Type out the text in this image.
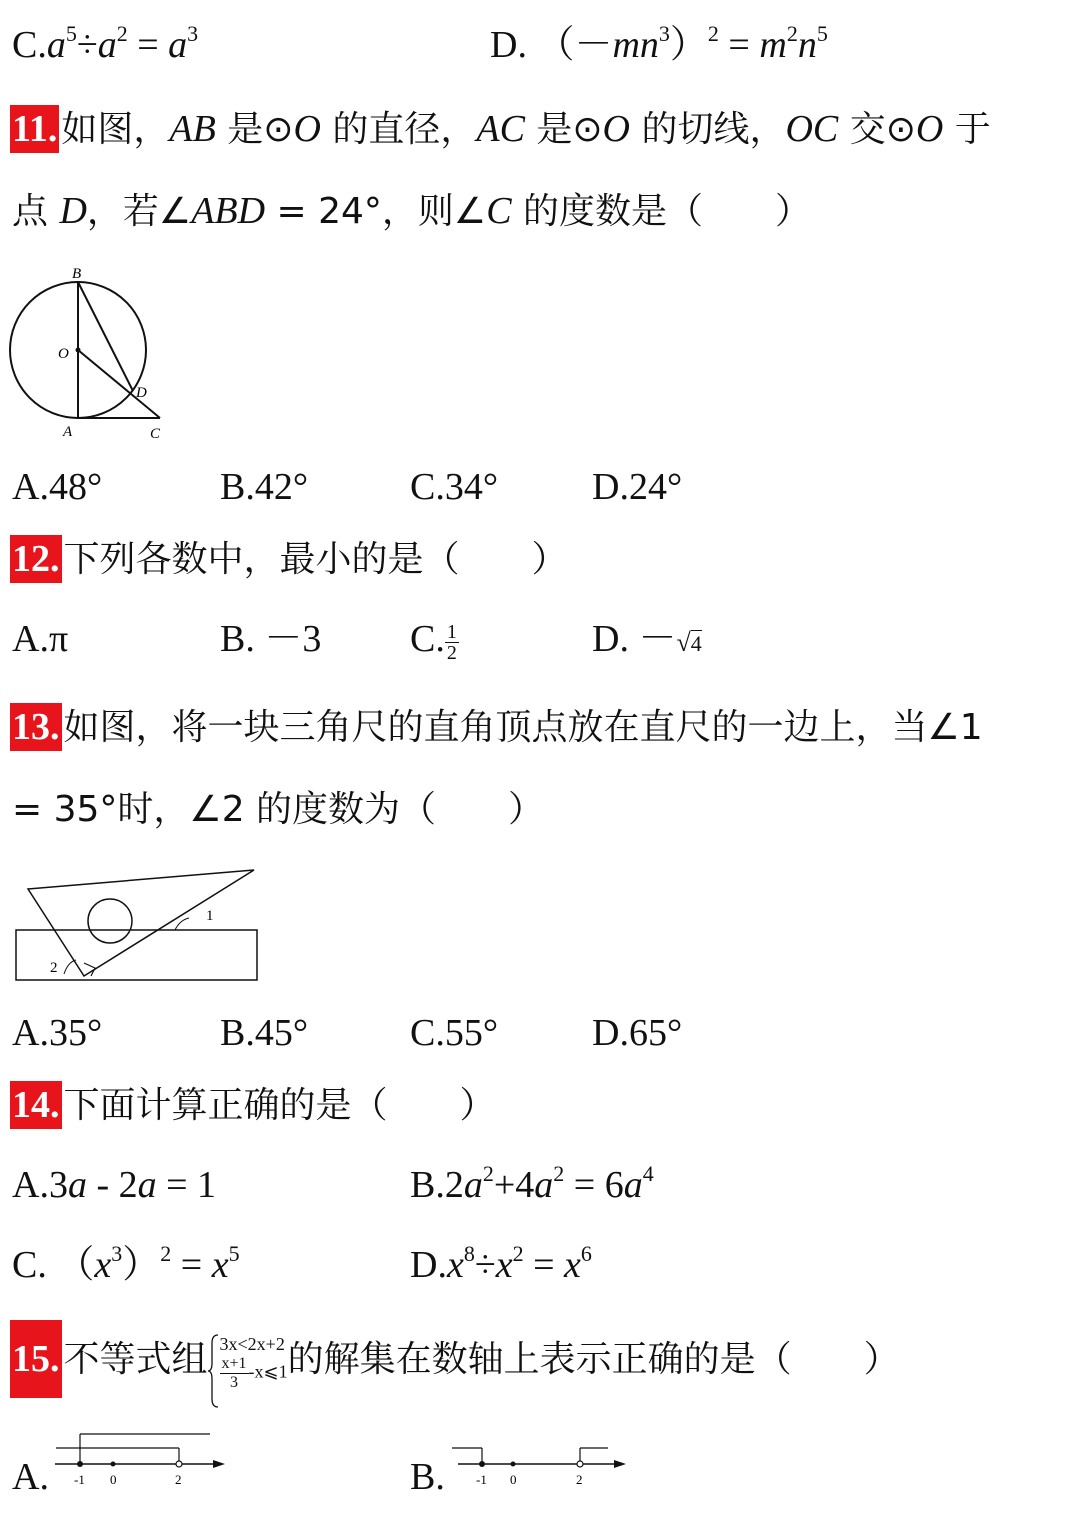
$C.a^5\div a^2 = a^3$	D. $(-mn^3)^2 = m^2n^5$
11. 如图，AB 是⊙O 的直径，AC 是⊙O 的切线，OC 交⊙O 于
点 D，若∠ABD = 24°，则∠C 的度数是（　　）
B
O
D
A	C
A.48°	B.42°	C.34° D.24°
12. 下列各数中，最小的是（　　）
A.π	B. －3 C. $\frac{1}{2}$	D. －√4
13. 如图，将一块三角尺的直角顶点放在直尺的一边上，当∠1
= 35°时，∠2 的度数为（　　）
1
2
A.35°	B.45°	C.55° D.65°
14. 下面计算正确的是（　　）
A.3a - 2a = 1	$B.2a^2+4a^2 = 6a^4$
C. $(x^3)^2 = x^5$	$D.x^8\div x^2 = x^6$
15. 不等式组 3x<2x+2
$\frac{x+1}{3}$ -x⩽1 的解集在数轴上表示正确的是（　　）
A. -1 0	2	B. -1 0	2
